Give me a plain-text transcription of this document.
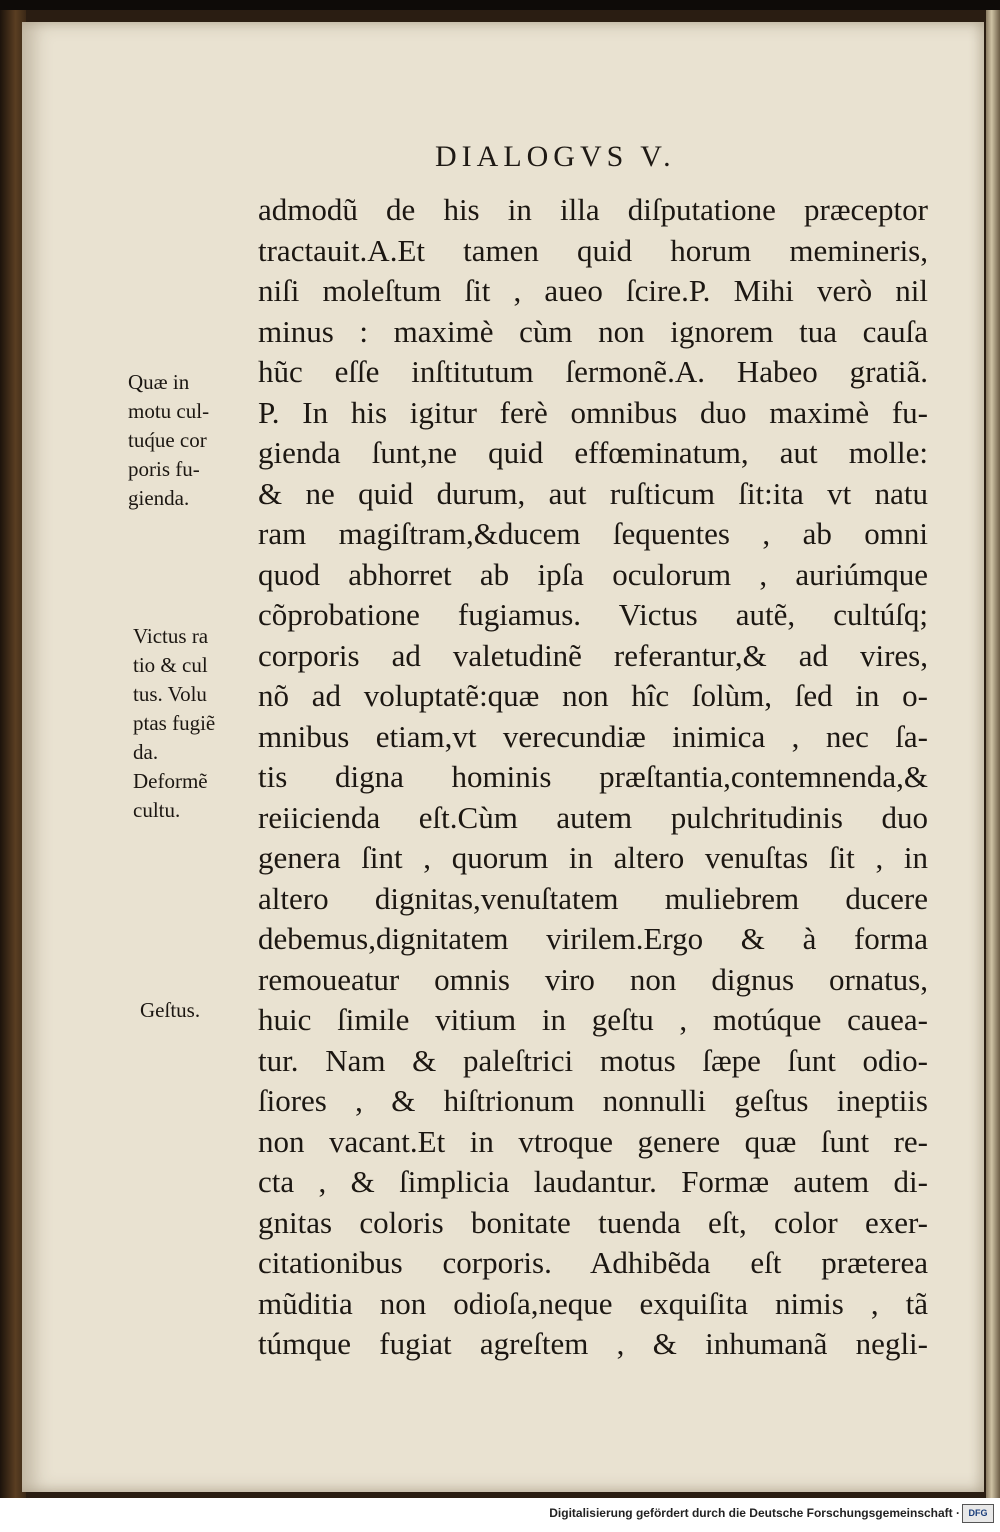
DIALOGVS V.
admodũ de his in illa diſputatione præceptor
tractauit.A.Et tamen quid horum memineris,
niſi moleſtum ſit , aueo ſcire.P. Mihi verò nil
minus : maximè cùm non ignorem tua cauſa
hũc eſſe inſtitutum ſermonẽ.A. Habeo gratiã.
P. In his igitur ferè omnibus duo maximè fu-
gienda ſunt,ne quid effœminatum, aut molle:
& ne quid durum, aut ruſticum ſit:ita vt natu
ram magiſtram,&ducem ſequentes , ab omni
quod abhorret ab ipſa oculorum , auriúmque
cõprobatione fugiamus. Victus autẽ, cultúſq;
corporis ad valetudinẽ referantur,& ad vires,
nõ ad voluptatẽ:quæ non hîc ſolùm, ſed in o-
mnibus etiam,vt verecundiæ inimica , nec ſa-
tis digna hominis præſtantia,contemnenda,&
reiicienda eſt.Cùm autem pulchritudinis duo
genera ſint , quorum in altero venuſtas ſit , in
altero dignitas,venuſtatem muliebrem ducere
debemus,dignitatem virilem.Ergo & à forma
remoueatur omnis viro non dignus ornatus,
huic ſimile vitium in geſtu , motúque cauea-
tur. Nam & paleſtrici motus ſæpe ſunt odio-
ſiores , & hiſtrionum nonnulli geſtus ineptiis
non vacant.Et in vtroque genere quæ ſunt re-
cta , & ſimplicia laudantur. Formæ autem di-
gnitas coloris bonitate tuenda eſt, color exer-
citationibus corporis. Adhibẽda eſt præterea
mũditia non odioſa,neque exquiſita nimis , tã
túmque fugiat agreſtem , & inhumanã negli-
Quæ in
motu cul-
tuq́ue cor
poris fu-
gienda.
Victus ra
tio & cul
tus. Volu
ptas fugiẽ
da.
Deformẽ
cultu.
Geſtus.
Digitalisierung gefördert durch die Deutsche Forschungsgemeinschaft · DFG
